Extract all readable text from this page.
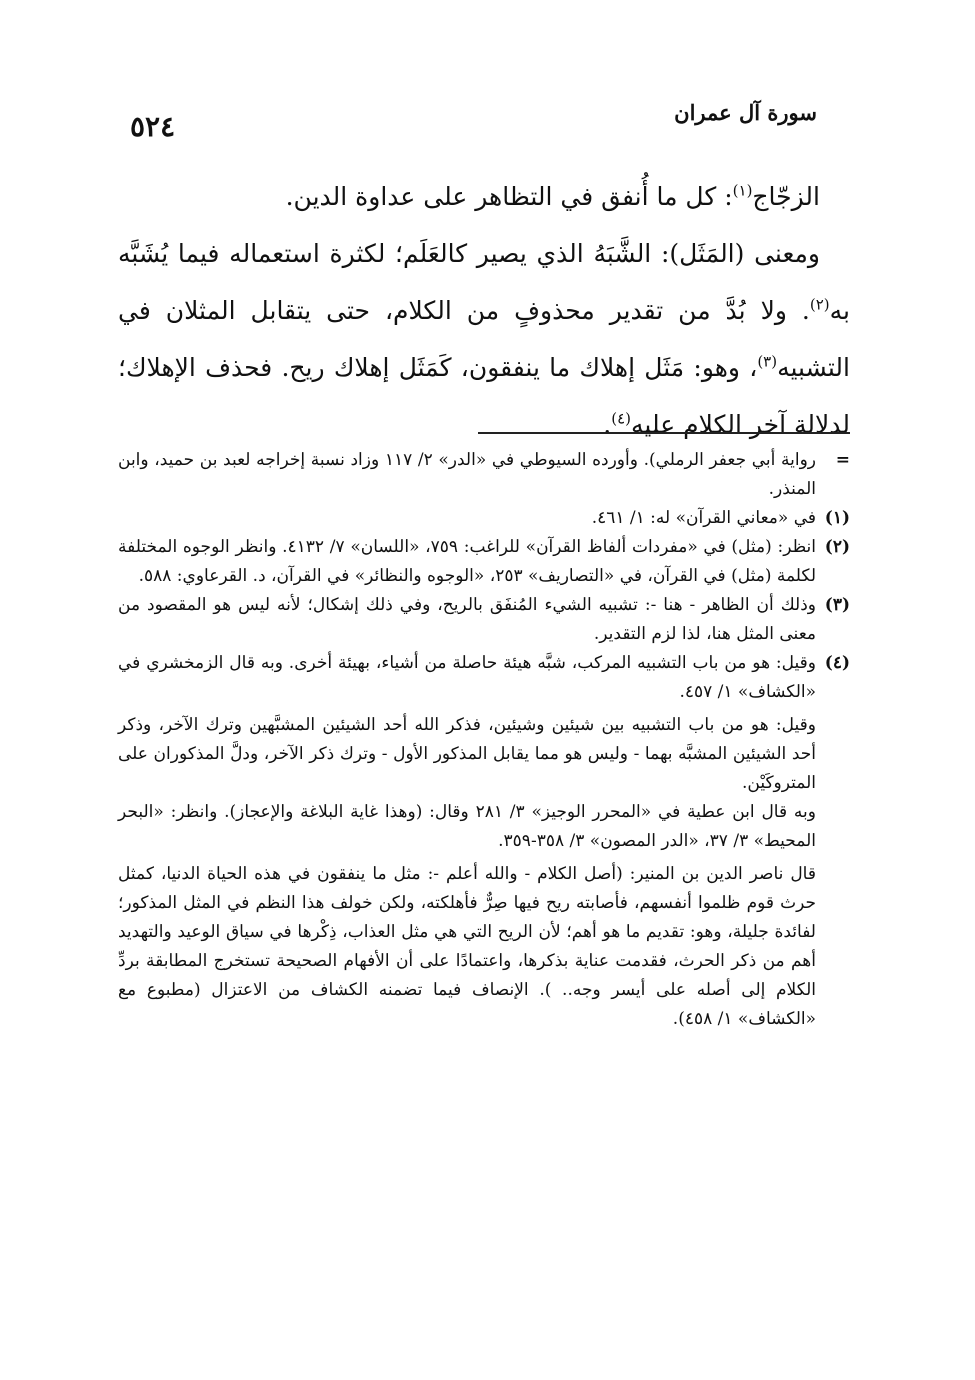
سورة آل عمران
٥٢٤

الزجّاج$^{(١)}$: كل ما أُنفق في التظاهر على عداوة الدين.

ومعنى (المَثَل): الشَّبَهُ الذي يصير كالعَلَم؛ لكثرة استعماله فيما يُشَبَّه به$^{(٢)}$. ولا بُدَّ من تقدير محذوفٍ من الكلام، حتى يتقابل المثلان في التشبيه$^{(٣)}$، وهو: مَثَل إهلاك ما ينفقون، كَمَثَل إهلاك ريح. فحذف الإهلاك؛ لدلالة آخر الكلام عليه$^{(٤)}$.

=
رواية أبي جعفر الرملي). وأورده السيوطي في «الدر» ٢/ ١١٧ وزاد نسبة إخراجه لعبد بن حميد، وابن المنذر.
(١)
في «معاني القرآن» له: ١/ ٤٦١.
(٢)
انظر: (مثل) في «مفردات ألفاظ القرآن» للراغب: ٧٥٩، «اللسان» ٧/ ٤١٣٢. وانظر الوجوه المختلفة لكلمة (مثل) في القرآن، في «التصاريف» ٢٥٣، «الوجوه والنظائر» في القرآن، د. القرعاوي: ٥٨٨.
(٣)
وذلك أن الظاهر - هنا -: تشبيه الشيء المُنفَق بالريح، وفي ذلك إشكال؛ لأنه ليس هو المقصود من معنى المثل هنا، لذا لزم التقدير.
(٤)
وقيل: هو من باب التشبيه المركب، شبَّه هيئة حاصلة من أشياء، بهيئة أخرى. وبه قال الزمخشري في «الكشاف» ١/ ٤٥٧.

وقيل: هو من باب التشبيه بين شيئين وشيئين، فذكر الله أحد الشيئين المشبَّهين وترك الآخر، وذكر أحد الشيئين المشبَّه بهما - وليس هو مما يقابل المذكور الأول - وترك ذكر الآخر، ودلَّ المذكوران على المتروكَيْن.

وبه قال ابن عطية في «المحرر الوجيز» ٣/ ٢٨١ وقال: (وهذا غاية البلاغة والإعجاز). وانظر: «البحر المحيط» ٣/ ٣٧، «الدر المصون» ٣/ ٣٥٨-٣٥٩.

قال ناصر الدين بن المنير: (أصل الكلام - والله أعلم -: مثل ما ينفقون في هذه الحياة الدنيا، كمثل حرث قوم ظلموا أنفسهم، فأصابته ريح فيها صِرٌّ فأهلكته، ولكن خولف هذا النظم في المثل المذكور؛ لفائدة جليلة، وهو: تقديم ما هو أهم؛ لأن الريح التي هي مثل العذاب، ذِكْرها في سياق الوعيد والتهديد أهم من ذكر الحرث، فقدمت عناية بذكرها، واعتمادًا على أن الأفهام الصحيحة تستخرج المطابقة بردِّ الكلام إلى أصله على أيسر وجه.. ). الإنصاف فيما تضمنه الكشاف من الاعتزال (مطبوع مع «الكشاف» ١/ ٤٥٨).
